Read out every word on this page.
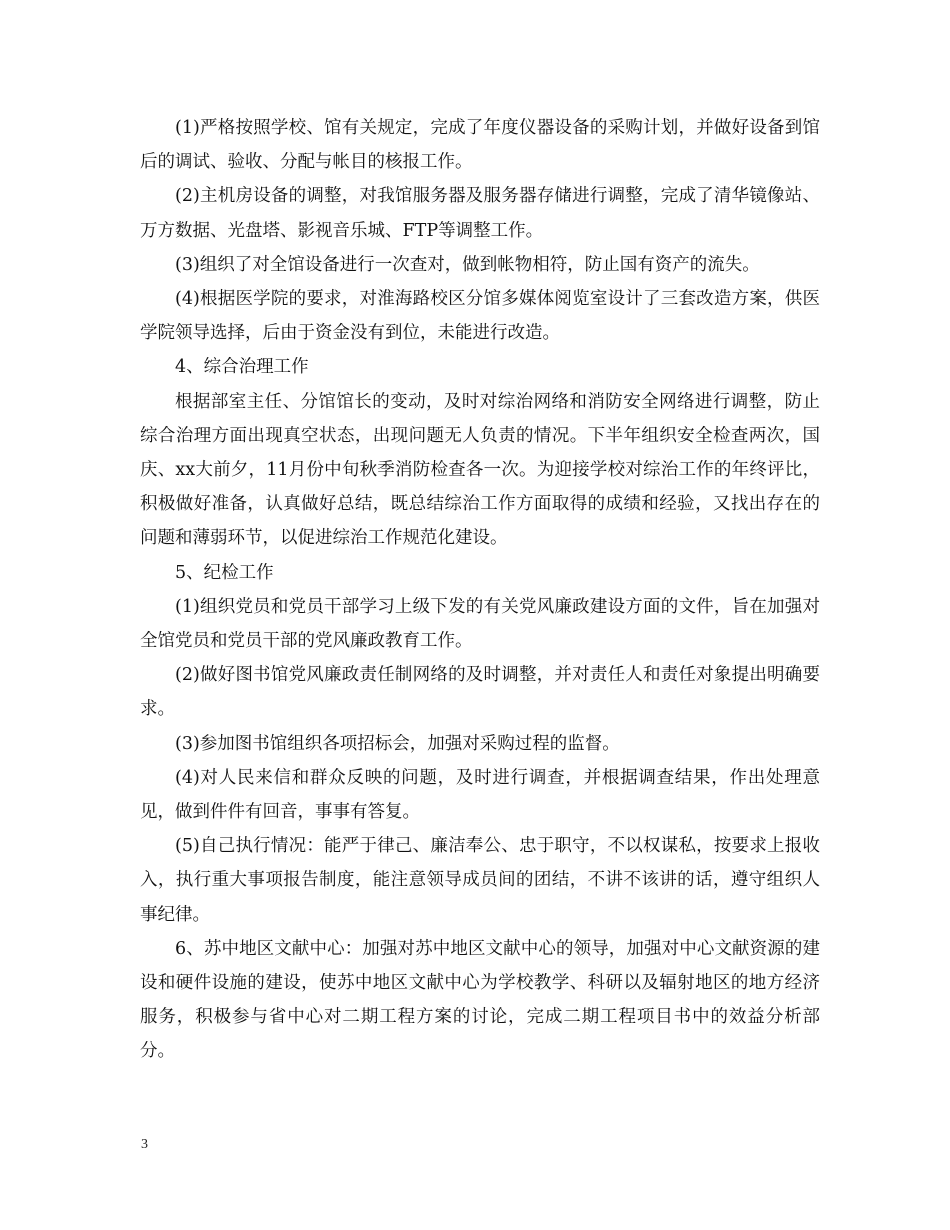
(1)严格按照学校、馆有关规定，完成了年度仪器设备的采购计划，并做好设备到馆后的调试、验收、分配与帐目的核报工作。

(2)主机房设备的调整，对我馆服务器及服务器存储进行调整，完成了清华镜像站、万方数据、光盘塔、影视音乐城、FTP等调整工作。

(3)组织了对全馆设备进行一次查对，做到帐物相符，防止国有资产的流失。

(4)根据医学院的要求，对淮海路校区分馆多媒体阅览室设计了三套改造方案，供医学院领导选择，后由于资金没有到位，未能进行改造。

4、综合治理工作

根据部室主任、分馆馆长的变动，及时对综治网络和消防安全网络进行调整，防止综合治理方面出现真空状态，出现问题无人负责的情况。下半年组织安全检查两次，国庆、xx大前夕，11月份中旬秋季消防检查各一次。为迎接学校对综治工作的年终评比，积极做好准备，认真做好总结，既总结综治工作方面取得的成绩和经验，又找出存在的问题和薄弱环节，以促进综治工作规范化建设。

5、纪检工作

(1)组织党员和党员干部学习上级下发的有关党风廉政建设方面的文件，旨在加强对全馆党员和党员干部的党风廉政教育工作。

(2)做好图书馆党风廉政责任制网络的及时调整，并对责任人和责任对象提出明确要求。

(3)参加图书馆组织各项招标会，加强对采购过程的监督。

(4)对人民来信和群众反映的问题，及时进行调查，并根据调查结果，作出处理意见，做到件件有回音，事事有答复。

(5)自己执行情况：能严于律己、廉洁奉公、忠于职守，不以权谋私，按要求上报收入，执行重大事项报告制度，能注意领导成员间的团结，不讲不该讲的话，遵守组织人事纪律。

6、苏中地区文献中心：加强对苏中地区文献中心的领导，加强对中心文献资源的建设和硬件设施的建设，使苏中地区文献中心为学校教学、科研以及辐射地区的地方经济服务，积极参与省中心对二期工程方案的讨论，完成二期工程项目书中的效益分析部分。

3
